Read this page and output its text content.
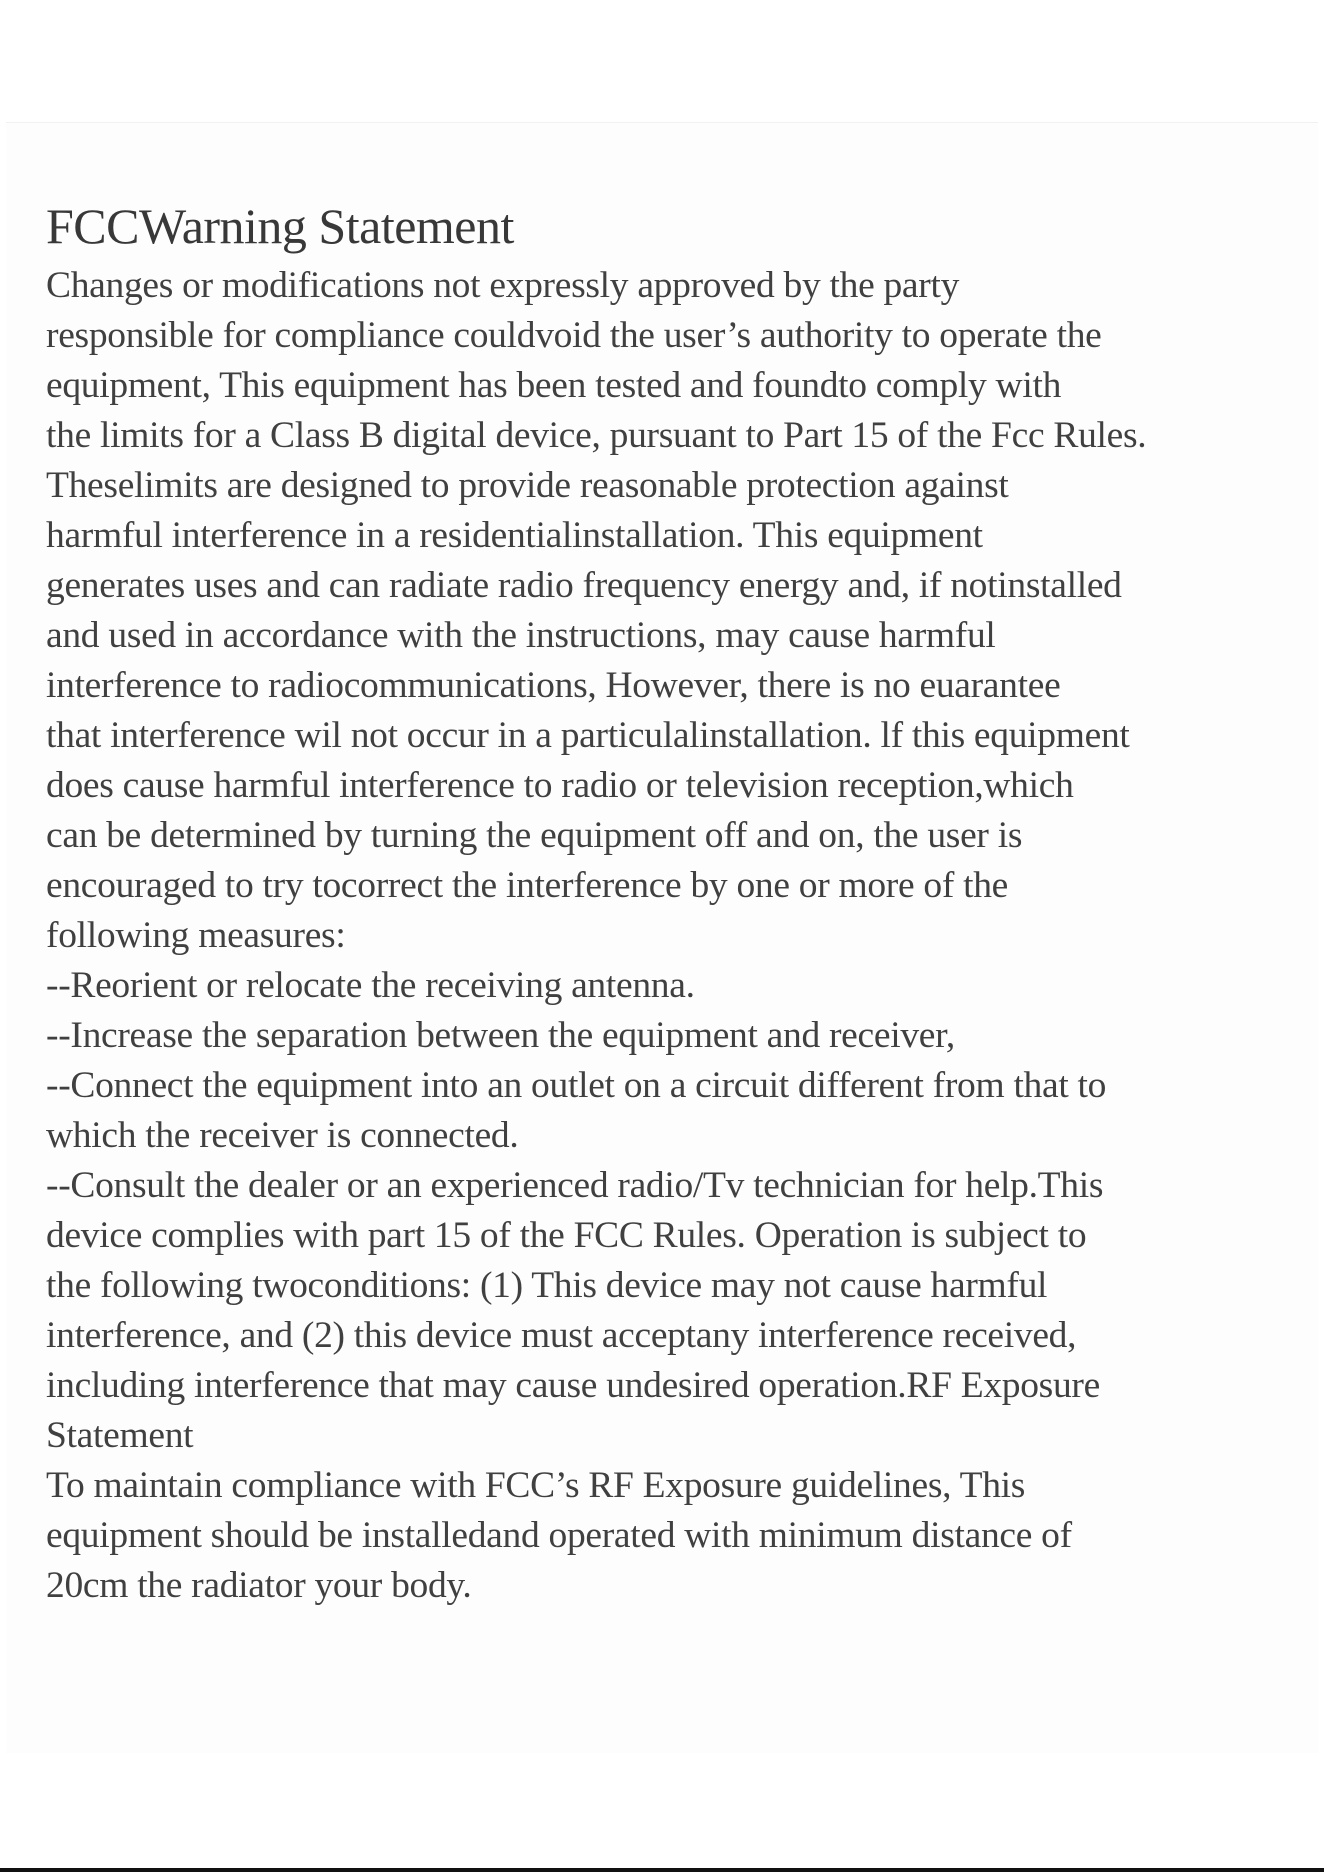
FCCWarning Statement
Changes or modifications not expressly approved by the party
responsible for compliance couldvoid the user’s authority to operate the
equipment, This equipment has been tested and foundto comply with
the limits for a Class B digital device, pursuant to Part 15 of the Fcc Rules.
Theselimits are designed to provide reasonable protection against
harmful interference in a residentialinstallation. This equipment
generates uses and can radiate radio frequency energy and, if notinstalled
and used in accordance with the instructions, may cause harmful
interference to radiocommunications, However, there is no euarantee
that interference wil not occur in a particulalinstallation. lf this equipment
does cause harmful interference to radio or television reception,which
can be determined by turning the equipment off and on, the user is
encouraged to try tocorrect the interference by one or more of the
following measures:
--Reorient or relocate the receiving antenna.
--Increase the separation between the equipment and receiver,
--Connect the equipment into an outlet on a circuit different from that to
which the receiver is connected.
--Consult the dealer or an experienced radio/Tv technician for help.This
device complies with part 15 of the FCC Rules. Operation is subject to
the following twoconditions: (1) This device may not cause harmful
interference, and (2) this device must acceptany interference received,
including interference that may cause undesired operation.RF Exposure
Statement
To maintain compliance with FCC’s RF Exposure guidelines, This
equipment should be installedand operated with minimum distance of
20cm the radiator your body.
